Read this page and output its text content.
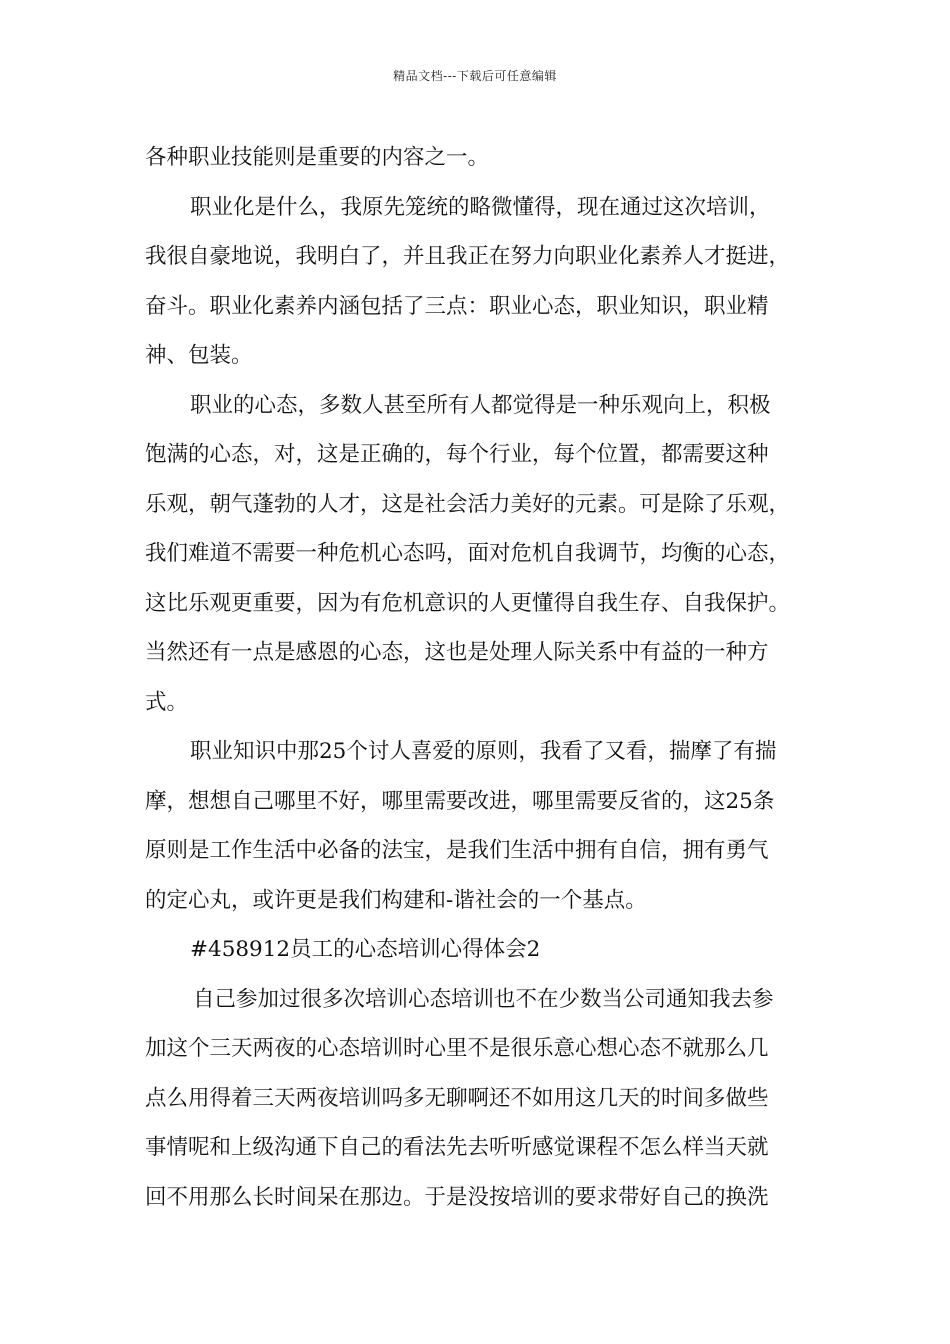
精品文档---下载后可任意编辑
各种职业技能则是重要的内容之一。
职业化是什么，我原先笼统的略微懂得，现在通过这次培训，
我很自豪地说，我明白了，并且我正在努力向职业化素养人才挺进，
奋斗。职业化素养内涵包括了三点：职业心态，职业知识，职业精
神、包装。
职业的心态，多数人甚至所有人都觉得是一种乐观向上，积极
饱满的心态，对，这是正确的，每个行业，每个位置，都需要这种
乐观，朝气蓬勃的人才，这是社会活力美好的元素。可是除了乐观，
我们难道不需要一种危机心态吗，面对危机自我调节，均衡的心态，
这比乐观更重要，因为有危机意识的人更懂得自我生存、自我保护。
当然还有一点是感恩的心态，这也是处理人际关系中有益的一种方
式。
职业知识中那25个讨人喜爱的原则，我看了又看，揣摩了有揣
摩，想想自己哪里不好，哪里需要改进，哪里需要反省的，这25条
原则是工作生活中必备的法宝，是我们生活中拥有自信，拥有勇气
的定心丸，或许更是我们构建和-谐社会的一个基点。
#458912员工的心态培训心得体会2
自己参加过很多次培训心态培训也不在少数当公司通知我去参
加这个三天两夜的心态培训时心里不是很乐意心想心态不就那么几
点么用得着三天两夜培训吗多无聊啊还不如用这几天的时间多做些
事情呢和上级沟通下自己的看法先去听听感觉课程不怎么样当天就
回不用那么长时间呆在那边。于是没按培训的要求带好自己的换洗
